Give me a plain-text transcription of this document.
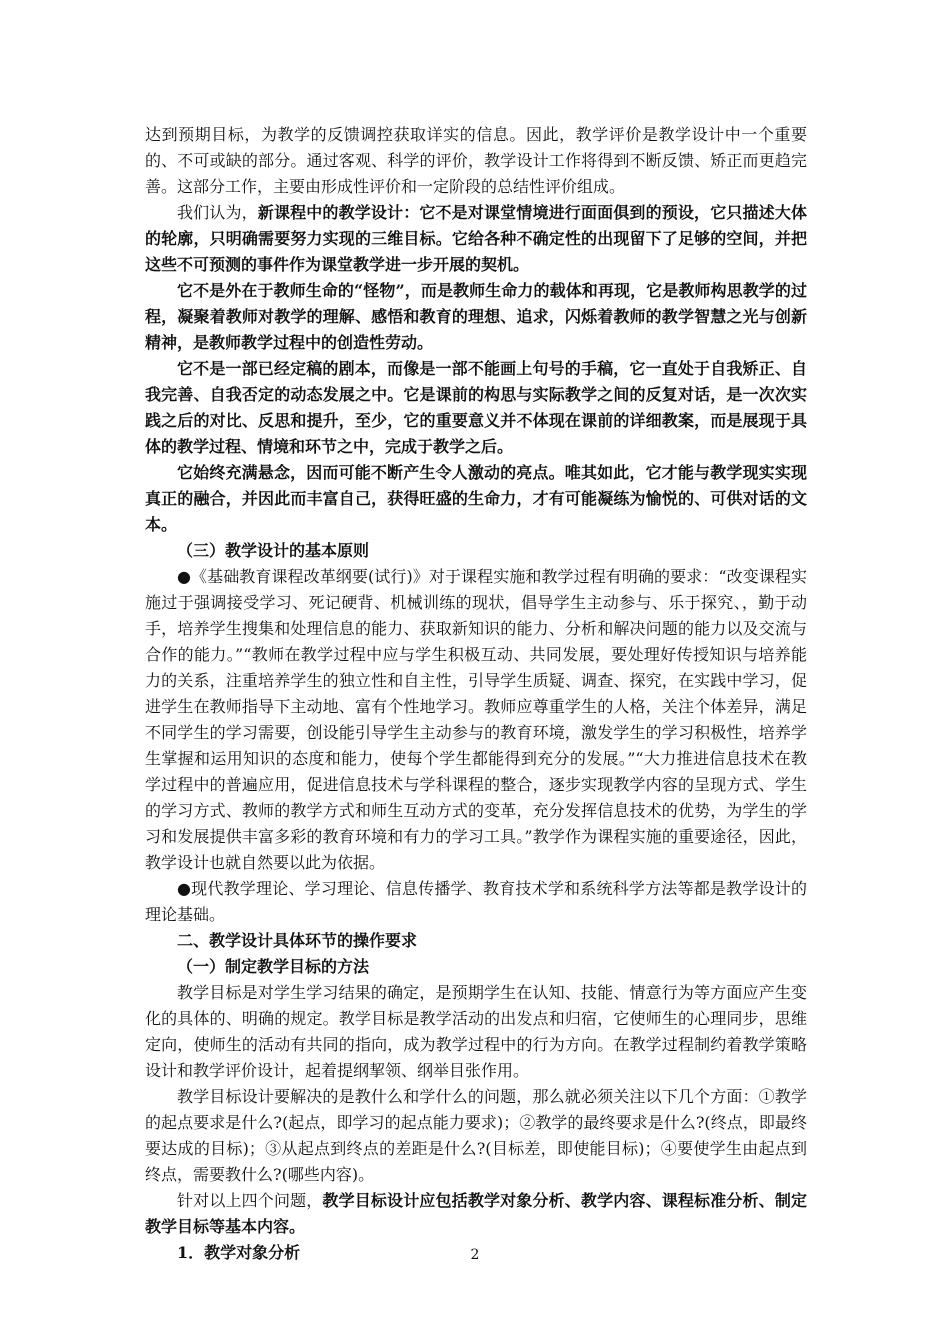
达到预期目标，为教学的反馈调控获取详实的信息。因此，教学评价是教学设计中一个重要的、不可或缺的部分。通过客观、科学的评价，教学设计工作将得到不断反馈、矫正而更趋完善。这部分工作，主要由形成性评价和一定阶段的总结性评价组成。

我们认为，新课程中的教学设计：它不是对课堂情境进行面面俱到的预设，它只描述大体的轮廓，只明确需要努力实现的三维目标。它给各种不确定性的出现留下了足够的空间，并把这些不可预测的事件作为课堂教学进一步开展的契机。

它不是外在于教师生命的“怪物”，而是教师生命力的载体和再现，它是教师构思教学的过程，凝聚着教师对教学的理解、感悟和教育的理想、追求，闪烁着教师的教学智慧之光与创新精神，是教师教学过程中的创造性劳动。

它不是一部已经定稿的剧本，而像是一部不能画上句号的手稿，它一直处于自我矫正、自我完善、自我否定的动态发展之中。它是课前的构思与实际教学之间的反复对话，是一次次实践之后的对比、反思和提升，至少，它的重要意义并不体现在课前的详细教案，而是展现于具体的教学过程、情境和环节之中，完成于教学之后。

它始终充满悬念，因而可能不断产生令人激动的亮点。唯其如此，它才能与教学现实实现真正的融合，并因此而丰富自己，获得旺盛的生命力，才有可能凝练为愉悦的、可供对话的文本。

（三）教学设计的基本原则

●《基础教育课程改革纲要(试行)》对于课程实施和教学过程有明确的要求：“改变课程实施过于强调接受学习、死记硬背、机械训练的现状，倡导学生主动参与、乐于探究、，勤于动手，培养学生搜集和处理信息的能力、获取新知识的能力、分析和解决问题的能力以及交流与合作的能力。”“教师在教学过程中应与学生积极互动、共同发展，要处理好传授知识与培养能力的关系，注重培养学生的独立性和自主性，引导学生质疑、调查、探究，在实践中学习，促进学生在教师指导下主动地、富有个性地学习。教师应尊重学生的人格，关注个体差异，满足不同学生的学习需要，创设能引导学生主动参与的教育环境，激发学生的学习积极性，培养学生掌握和运用知识的态度和能力，使每个学生都能得到充分的发展。”“大力推进信息技术在教学过程中的普遍应用，促进信息技术与学科课程的整合，逐步实现教学内容的呈现方式、学生的学习方式、教师的教学方式和师生互动方式的变革，充分发挥信息技术的优势，为学生的学习和发展提供丰富多彩的教育环境和有力的学习工具。”教学作为课程实施的重要途径，因此，教学设计也就自然要以此为依据。

●现代教学理论、学习理论、信息传播学、教育技术学和系统科学方法等都是教学设计的理论基础。

二、教学设计具体环节的操作要求

（一）制定教学目标的方法

教学目标是对学生学习结果的确定，是预期学生在认知、技能、情意行为等方面应产生变化的具体的、明确的规定。教学目标是教学活动的出发点和归宿，它使师生的心理同步，思维定向，使师生的活动有共同的指向，成为教学过程中的行为方向。在教学过程制约着教学策略设计和教学评价设计，起着提纲挈领、纲举目张作用。

教学目标设计要解决的是教什么和学什么的问题，那么就必须关注以下几个方面：①教学的起点要求是什么?(起点，即学习的起点能力要求)；②教学的最终要求是什么?(终点，即最终要达成的目标)；③从起点到终点的差距是什么?(目标差，即使能目标)；④要使学生由起点到终点，需要教什么?(哪些内容)。

针对以上四个问题，教学目标设计应包括教学对象分析、教学内容、课程标准分析、制定教学目标等基本内容。

1．教学对象分析	2
